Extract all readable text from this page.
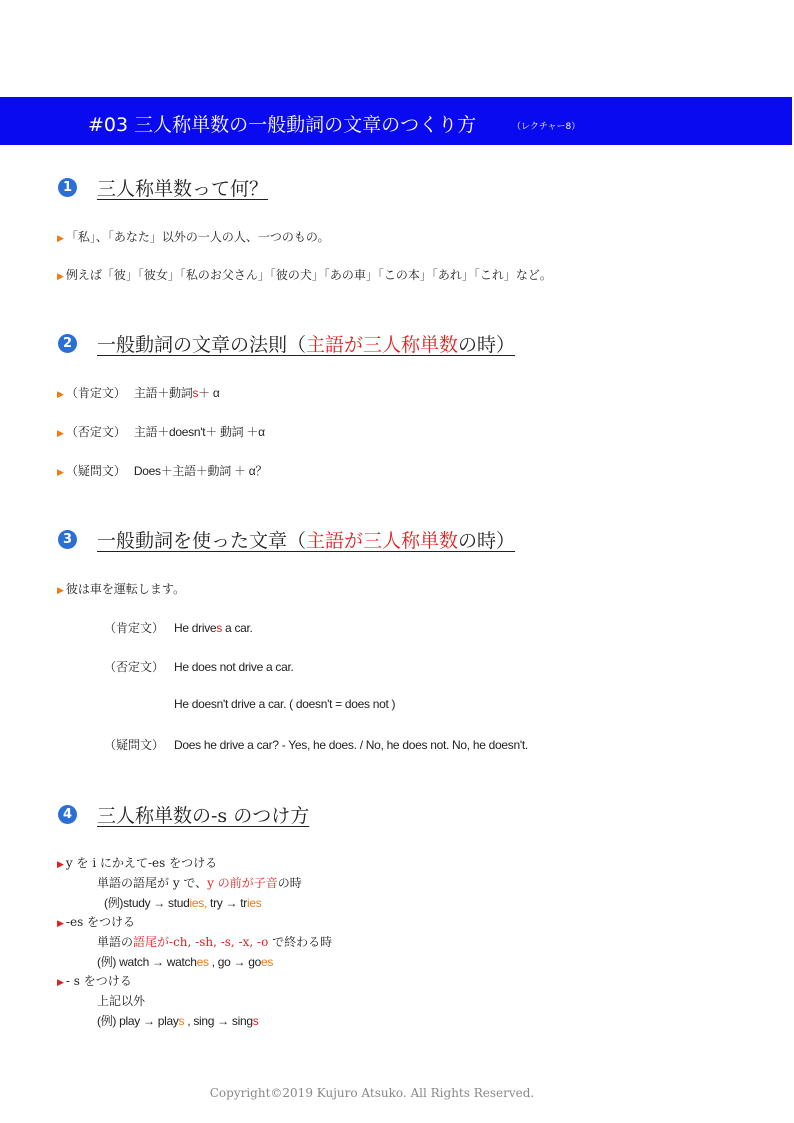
#03 三人称単数の一般動詞の文章のつくり方	（レクチャー8）
1 三人称単数って何？
▶ 「私」、「あなた」以外の一人の人、一つのもの。
▶ 例えば「彼」「彼女」「私のお父さん」「彼の犬」「あの車」「この本」「あれ」「これ」など。
2 一般動詞の文章の法則（主語が三人称単数の時）
▶ （肯定文） 主語＋動詞s＋ α
▶ （否定文） 主語＋doesn't＋ 動詞 ＋α
▶ （疑問文） Does＋主語＋動詞 ＋ α？
3 一般動詞を使った文章（主語が三人称単数の時）
▶ 彼は車を運転します。
（肯定文） He drives a car.
（否定文） He does not drive a car.
He doesn't drive a car. ( doesn't = does not )
（疑問文） Does he drive a car? - Yes, he does. / No, he does not. No, he doesn't.
4 三人称単数の-s のつけ方
▶ y を i にかえて-es をつける
単語の語尾が y で、y の前が子音の時
(例)study → studies, try → tries
▶ -es をつける
単語の語尾が-ch, -sh, -s, -x, -o で終わる時
(例) watch → watches , go → goes
▶ - s をつける
上記以外
(例) play → plays , sing → sings
Copyright©2019 Kujuro Atsuko. All Rights Reserved.
